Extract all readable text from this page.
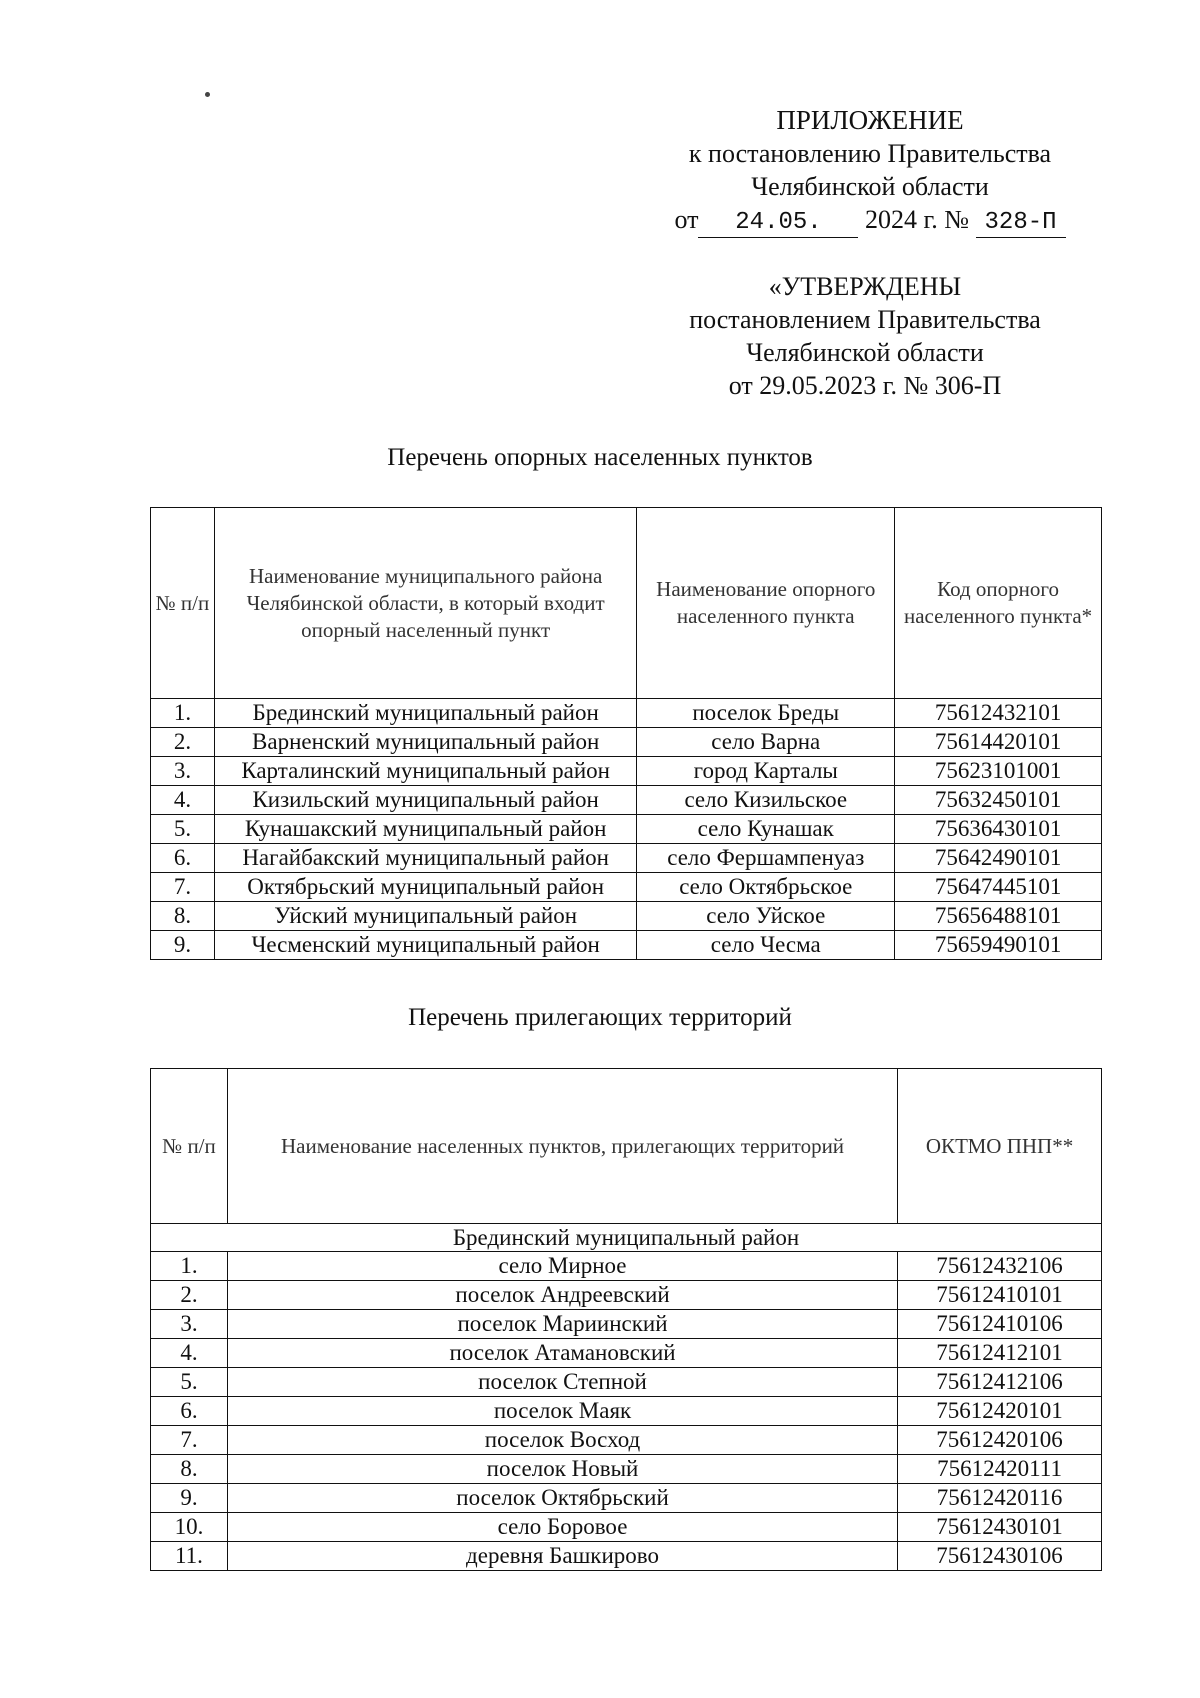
ПРИЛОЖЕНИЕ
к постановлению Правительства
Челябинской области
от 24.05. 2024 г. № 328-П
«УТВЕРЖДЕНЫ
постановлением Правительства
Челябинской области
от 29.05.2023 г. № 306-П
Перечень опорных населенных пунктов
№ п/п	Наименование муниципального района Челябинской области, в который входит опорный населенный пункт	Наименование опорного населенного пункта	Код опорного населенного пункта*
1.	Брединский муниципальный район	поселок Бреды	75612432101
2.	Варненский муниципальный район	село Варна	75614420101
3.	Карталинский муниципальный район	город Карталы	75623101001
4.	Кизильский муниципальный район	село Кизильское	75632450101
5.	Кунашакский муниципальный район	село Кунашак	75636430101
6.	Нагайбакский муниципальный район	село Фершампенуаз	75642490101
7.	Октябрьский муниципальный район	село Октябрьское	75647445101
8.	Уйский муниципальный район	село Уйское	75656488101
9.	Чесменский муниципальный район	село Чесма	75659490101
Перечень прилегающих территорий
№ п/п	Наименование населенных пунктов, прилегающих территорий	ОКТМО ПНП**
Брединский муниципальный район		
1.	село Мирное	75612432106
2.	поселок Андреевский	75612410101
3.	поселок Мариинский	75612410106
4.	поселок Атамановский	75612412101
5.	поселок Степной	75612412106
6.	поселок Маяк	75612420101
7.	поселок Восход	75612420106
8.	поселок Новый	75612420111
9.	поселок Октябрьский	75612420116
10.	село Боровое	75612430101
11.	деревня Башкирово	75612430106
